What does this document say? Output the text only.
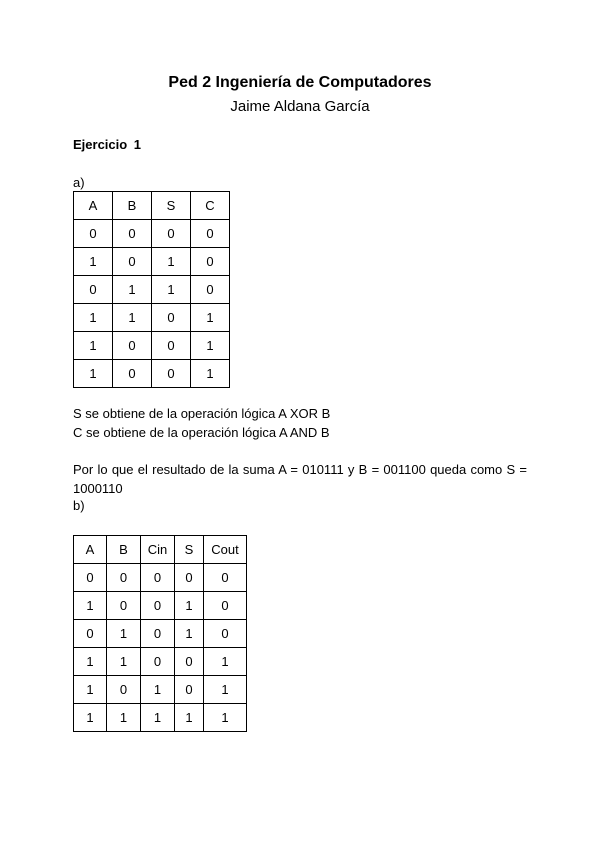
Ped 2 Ingeniería de Computadores
Jaime Aldana García
Ejercicio 1
a)
A	B	S	C
0	0	0	0
1	0	1	0
0	1	1	0
1	1	0	1
1	0	0	1
1	0	0	1
S se obtiene de la operación lógica A XOR B
C se obtiene de la operación lógica A AND B
Por lo que el resultado de la suma A = 010111 y B = 001100 queda como S = 1000110
b)
A	B	Cin	S	Cout
0	0	0	0	0
1	0	0	1	0
0	1	0	1	0
1	1	0	0	1
1	0	1	0	1
1	1	1	1	1
